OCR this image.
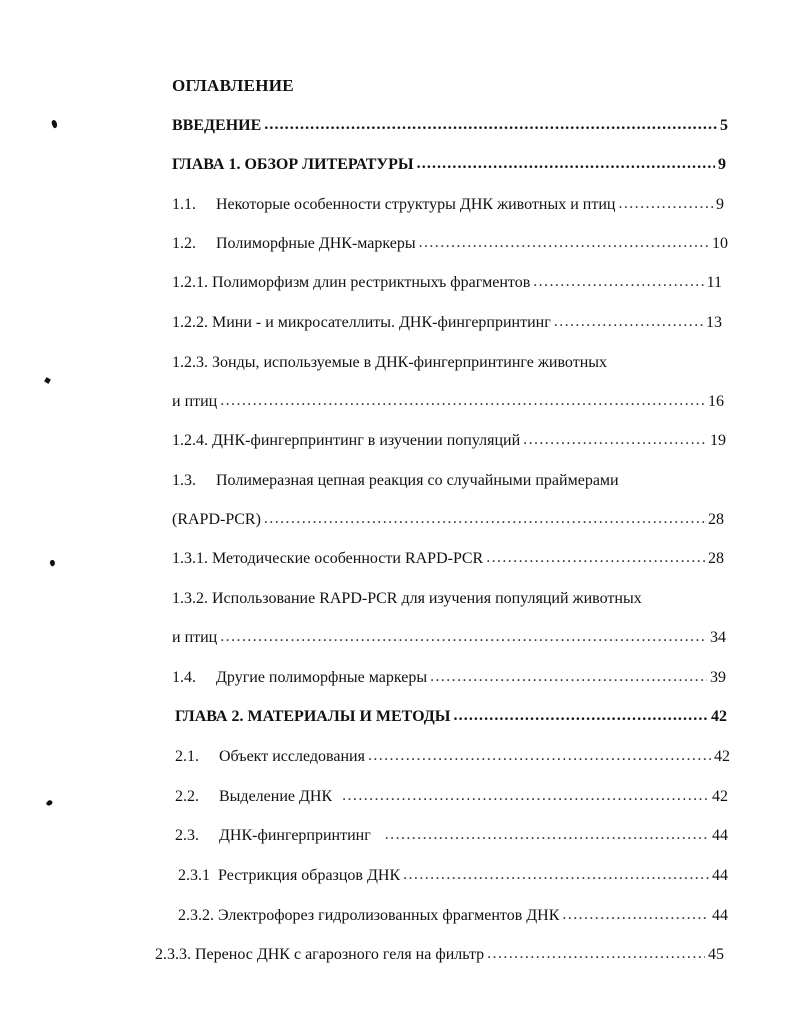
ОГЛАВЛЕНИЕ
ВВЕДЕНИЕ .....	5
ГЛАВА 1. ОБЗОР ЛИТЕРАТУРЫ .....	9
1.1. Некоторые особенности структуры ДНК животных и птиц .....	9
1.2. Полиморфные ДНК-маркеры .....	10
1.2.1. Полиморфизм длин рестриктныхъ фрагментов .....	11
1.2.2. Мини - и микросателлиты. ДНК-фингерпринтинг .....	13
1.2.3. Зонды, используемые в ДНК-фингерпринтинге животных
и птиц .....	16
1.2.4. ДНК-фингерпринтинг в изучении популяций .....	19
1.3. Полимеразная цепная реакция со случайными праймерами
(RAPD-PCR) .....	28
1.3.1. Методические особенности RAPD-PCR .....	28
1.3.2. Использование RAPD-PCR для изучения популяций животных
и птиц .....	34
1.4. Другие полиморфные маркеры .....	39
ГЛАВА 2. МАТЕРИАЛЫ И МЕТОДЫ .....	42
2.1. Объект исследования .....	42
2.2. Выделение ДНК .....	42
2.3. ДНК-фингерпринтинг .....	44
2.3.1 Рестрикция образцов ДНК .....	44
2.3.2. Электрофорез гидролизованных фрагментов ДНК .....	44
2.3.3. Перенос ДНК с агарозного геля на фильтр .....	45
